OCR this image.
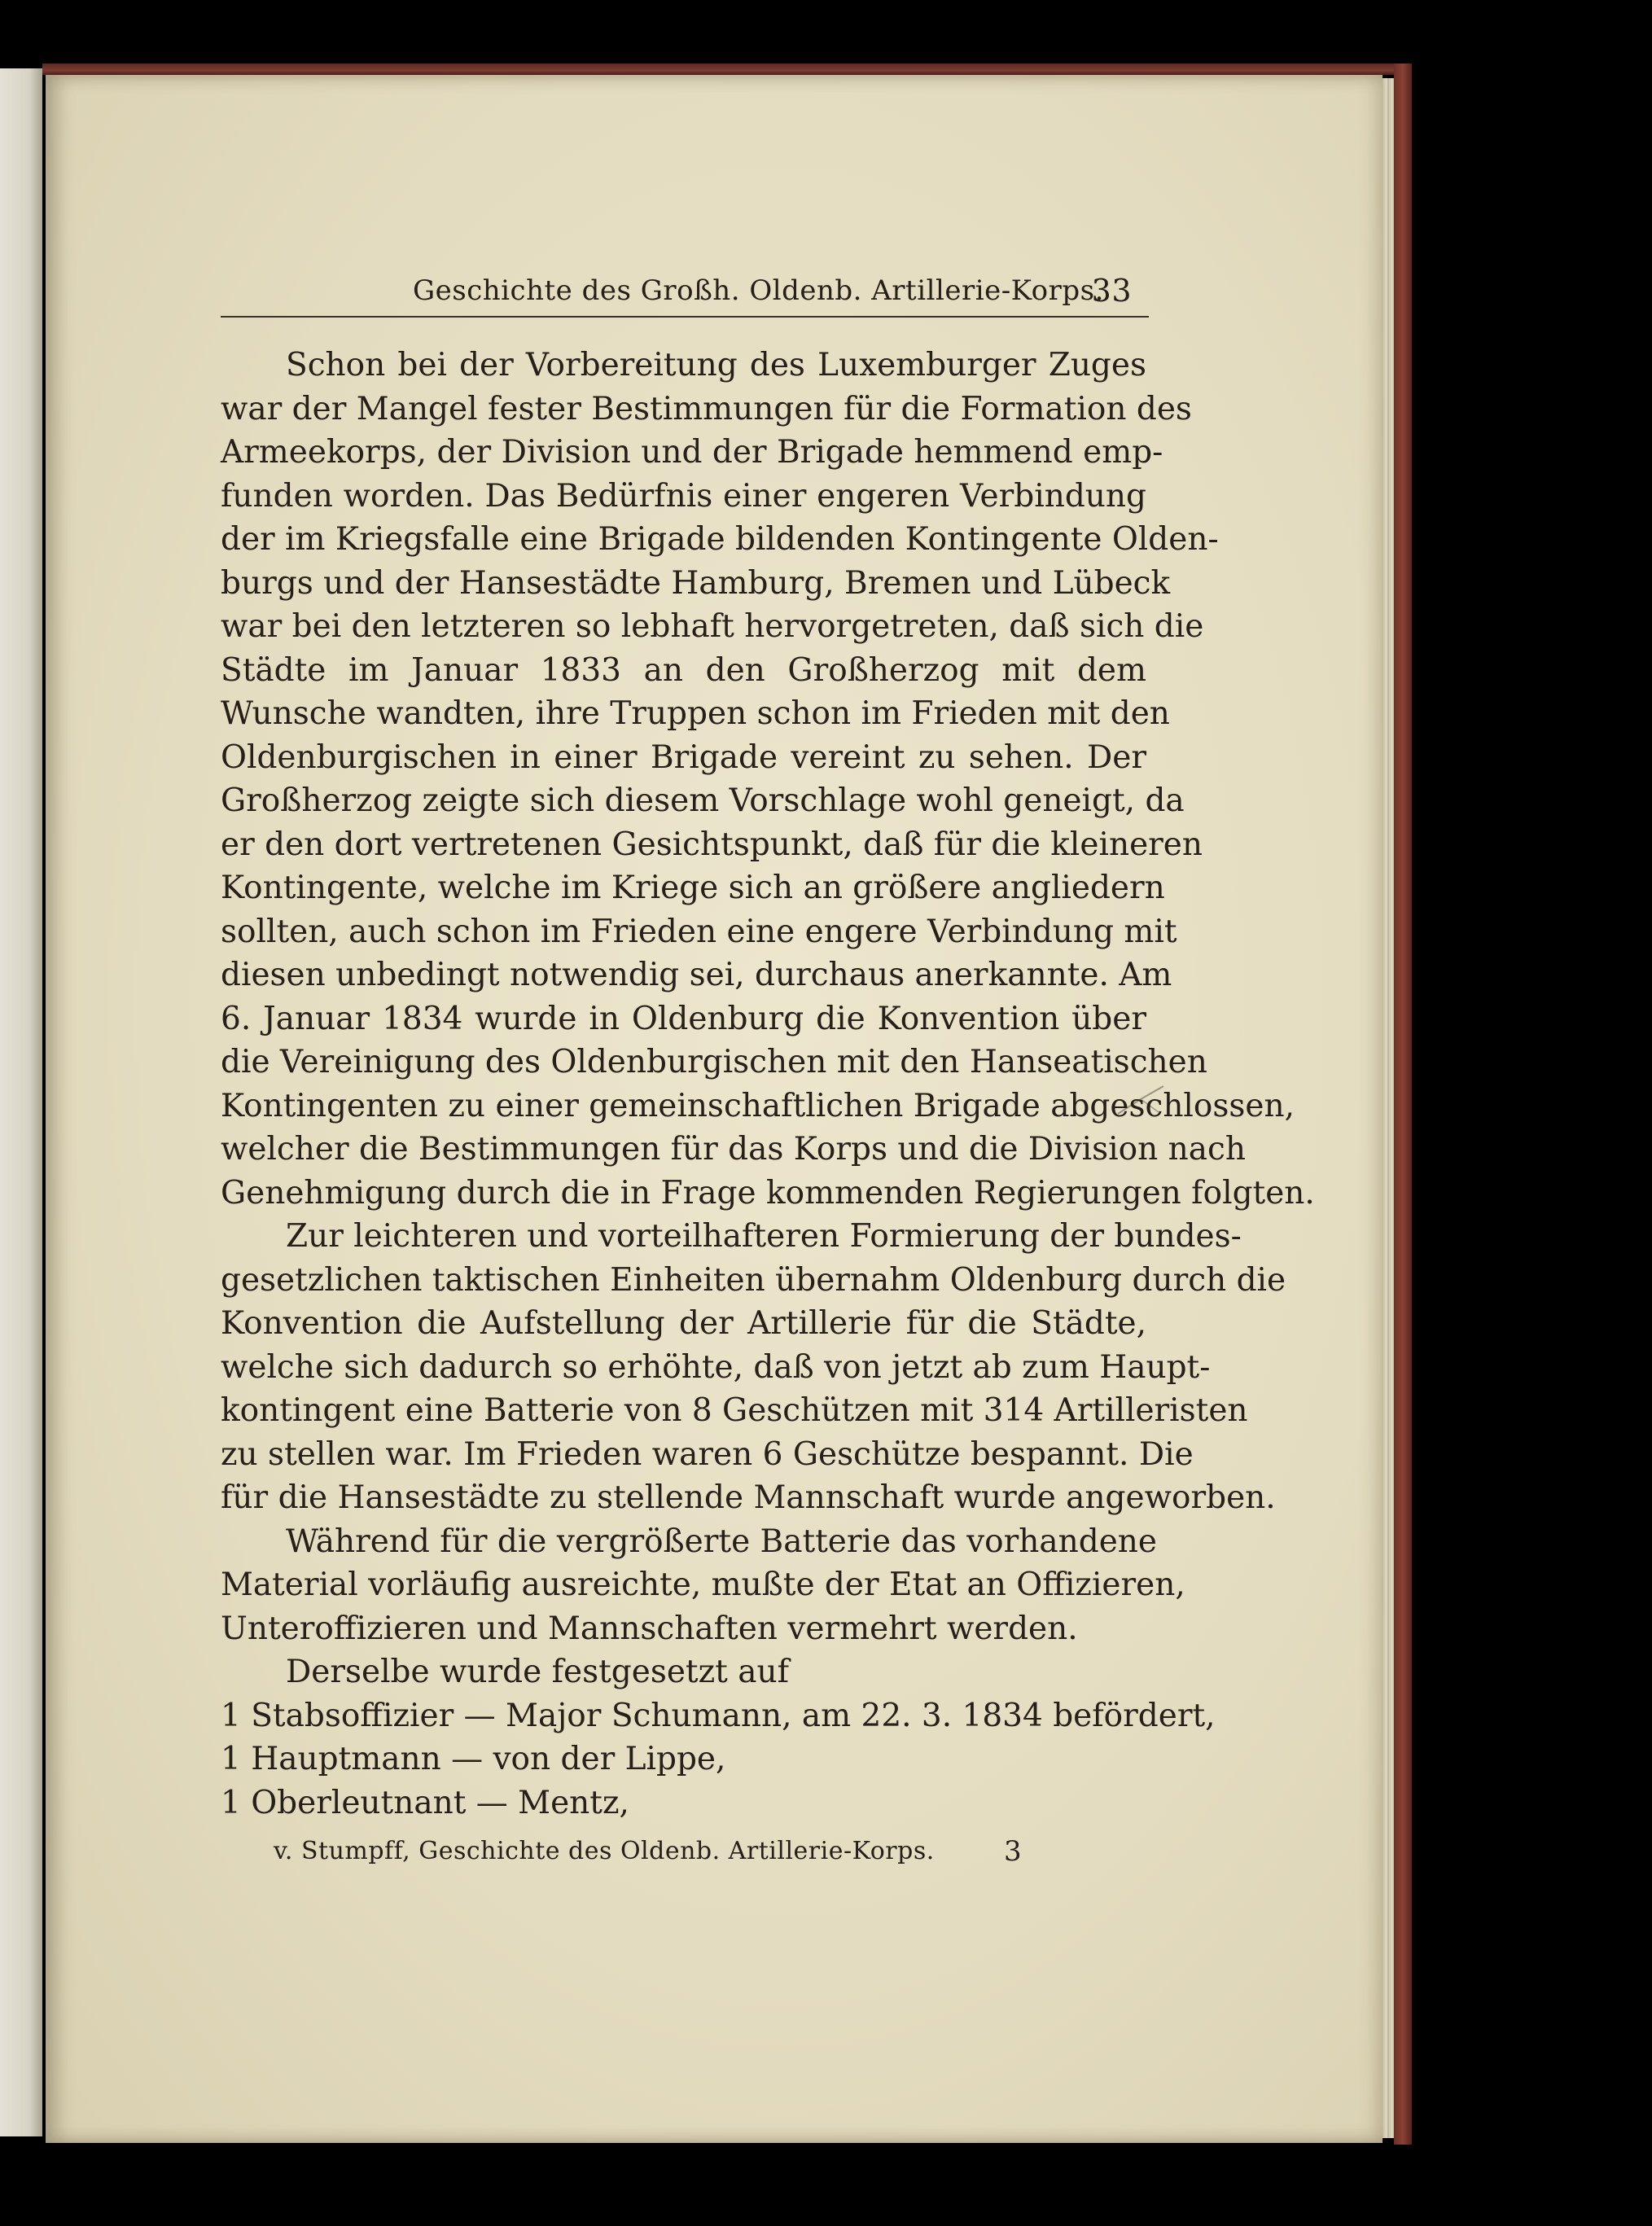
Geschichte des Großh. Oldenb. Artillerie-Korps.
33
Schon bei der Vorbereitung des Luxemburger Zuges
war der Mangel fester Bestimmungen für die Formation des
Armeekorps, der Division und der Brigade hemmend emp-
funden worden. Das Bedürfnis einer engeren Verbindung
der im Kriegsfalle eine Brigade bildenden Kontingente Olden-
burgs und der Hansestädte Hamburg, Bremen und Lübeck
war bei den letzteren so lebhaft hervorgetreten, daß sich die
Städte im Januar 1833 an den Großherzog mit dem
Wunsche wandten, ihre Truppen schon im Frieden mit den
Oldenburgischen in einer Brigade vereint zu sehen. Der
Großherzog zeigte sich diesem Vorschlage wohl geneigt, da
er den dort vertretenen Gesichtspunkt, daß für die kleineren
Kontingente, welche im Kriege sich an größere angliedern
sollten, auch schon im Frieden eine engere Verbindung mit
diesen unbedingt notwendig sei, durchaus anerkannte. Am
6. Januar 1834 wurde in Oldenburg die Konvention über
die Vereinigung des Oldenburgischen mit den Hanseatischen
Kontingenten zu einer gemeinschaftlichen Brigade abgeschlossen,
welcher die Bestimmungen für das Korps und die Division nach
Genehmigung durch die in Frage kommenden Regierungen folgten.
Zur leichteren und vorteilhafteren Formierung der bundes-
gesetzlichen taktischen Einheiten übernahm Oldenburg durch die
Konvention die Aufstellung der Artillerie für die Städte,
welche sich dadurch so erhöhte, daß von jetzt ab zum Haupt-
kontingent eine Batterie von 8 Geschützen mit 314 Artilleristen
zu stellen war. Im Frieden waren 6 Geschütze bespannt. Die
für die Hansestädte zu stellende Mannschaft wurde angeworben.
Während für die vergrößerte Batterie das vorhandene
Material vorläufig ausreichte, mußte der Etat an Offizieren,
Unteroffizieren und Mannschaften vermehrt werden.
Derselbe wurde festgesetzt auf
1 Stabsoffizier — Major Schumann, am 22. 3. 1834 befördert,
1 Hauptmann — von der Lippe,
1 Oberleutnant — Mentz,
v. Stumpff, Geschichte des Oldenb. Artillerie-Korps.	3
